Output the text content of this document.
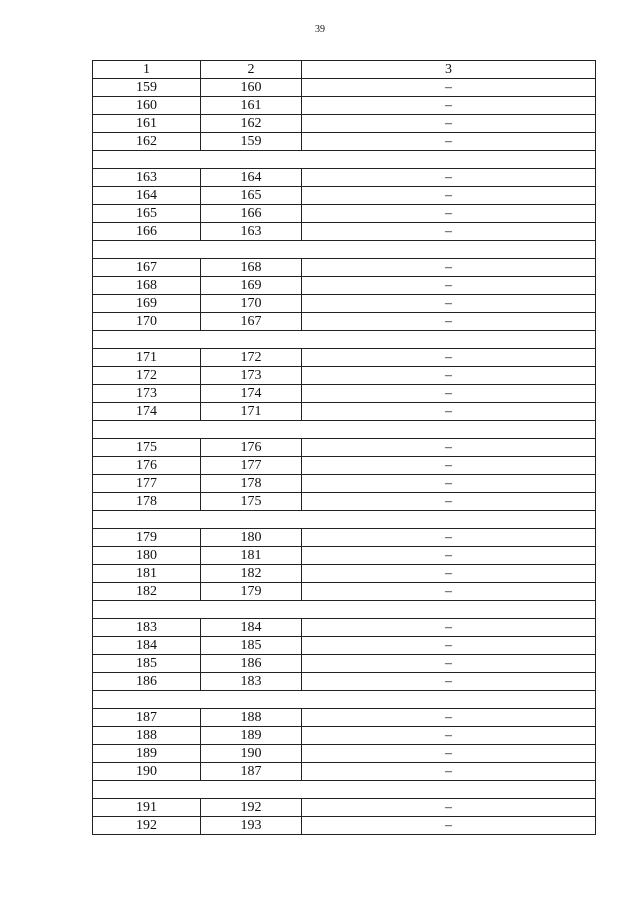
39
1	2	3
159	160	–
160	161	–
161	162	–
162	159	–

163	164	–
164	165	–
165	166	–
166	163	–

167	168	–
168	169	–
169	170	–
170	167	–

171	172	–
172	173	–
173	174	–
174	171	–

175	176	–
176	177	–
177	178	–
178	175	–

179	180	–
180	181	–
181	182	–
182	179	–

183	184	–
184	185	–
185	186	–
186	183	–

187	188	–
188	189	–
189	190	–
190	187	–

191	192	–
192	193	–
